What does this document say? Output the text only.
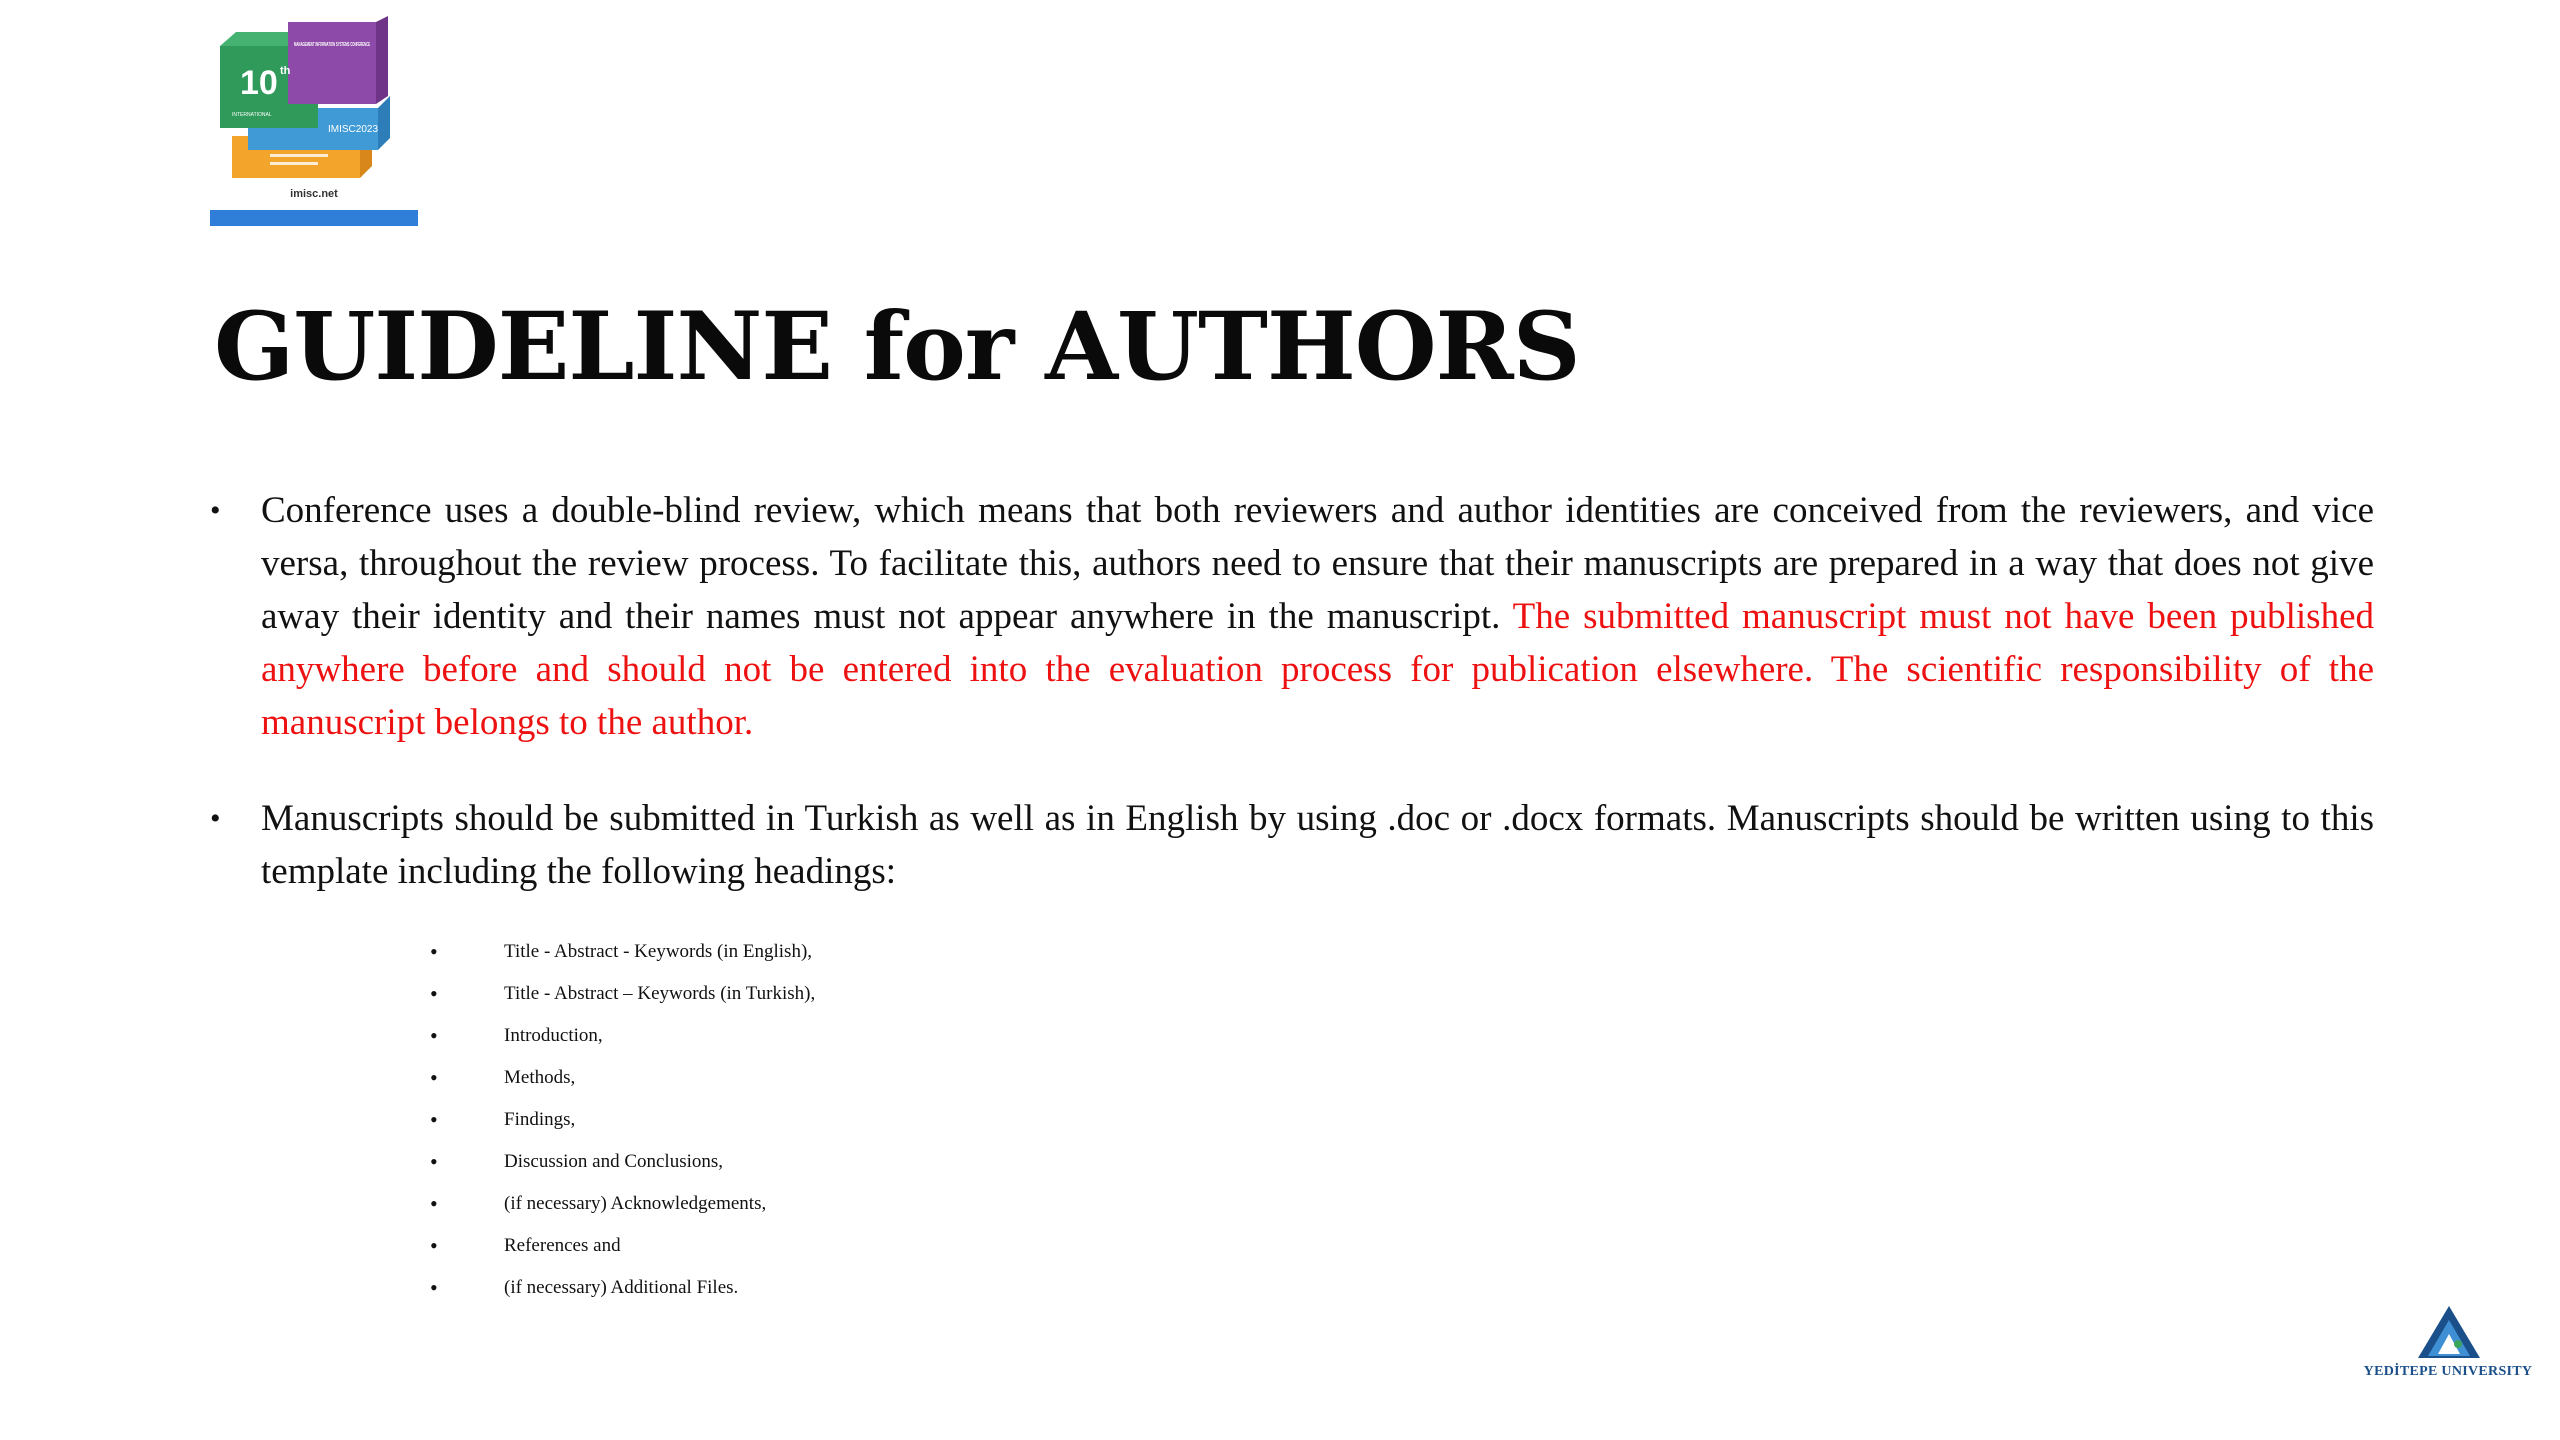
10 th
INTERNATIONAL
MANAGEMENT INFORMATION SYSTEMS CONFERENCE
IMISC2023
imisc.net
GUIDELINE for AUTHORS
• Conference uses a double-blind review, which means that both reviewers and author identities are conceived from the reviewers, and vice versa, throughout the review process. To facilitate this, authors need to ensure that their manuscripts are prepared in a way that does not give away their identity and their names must not appear anywhere in the manuscript. The submitted manuscript must not have been published anywhere before and should not be entered into the evaluation process for publication elsewhere. The scientific responsibility of the manuscript belongs to the author.
• Manuscripts should be submitted in Turkish as well as in English by using .doc or .docx formats. Manuscripts should be written using to this template including the following headings:
•	Title - Abstract - Keywords (in English),
•	Title - Abstract – Keywords (in Turkish),
•	Introduction,
•	Methods,
•	Findings,
•	Discussion and Conclusions,
•	(if necessary) Acknowledgements,
•	References and
•	(if necessary) Additional Files.
YEDİTEPE UNIVERSITY
